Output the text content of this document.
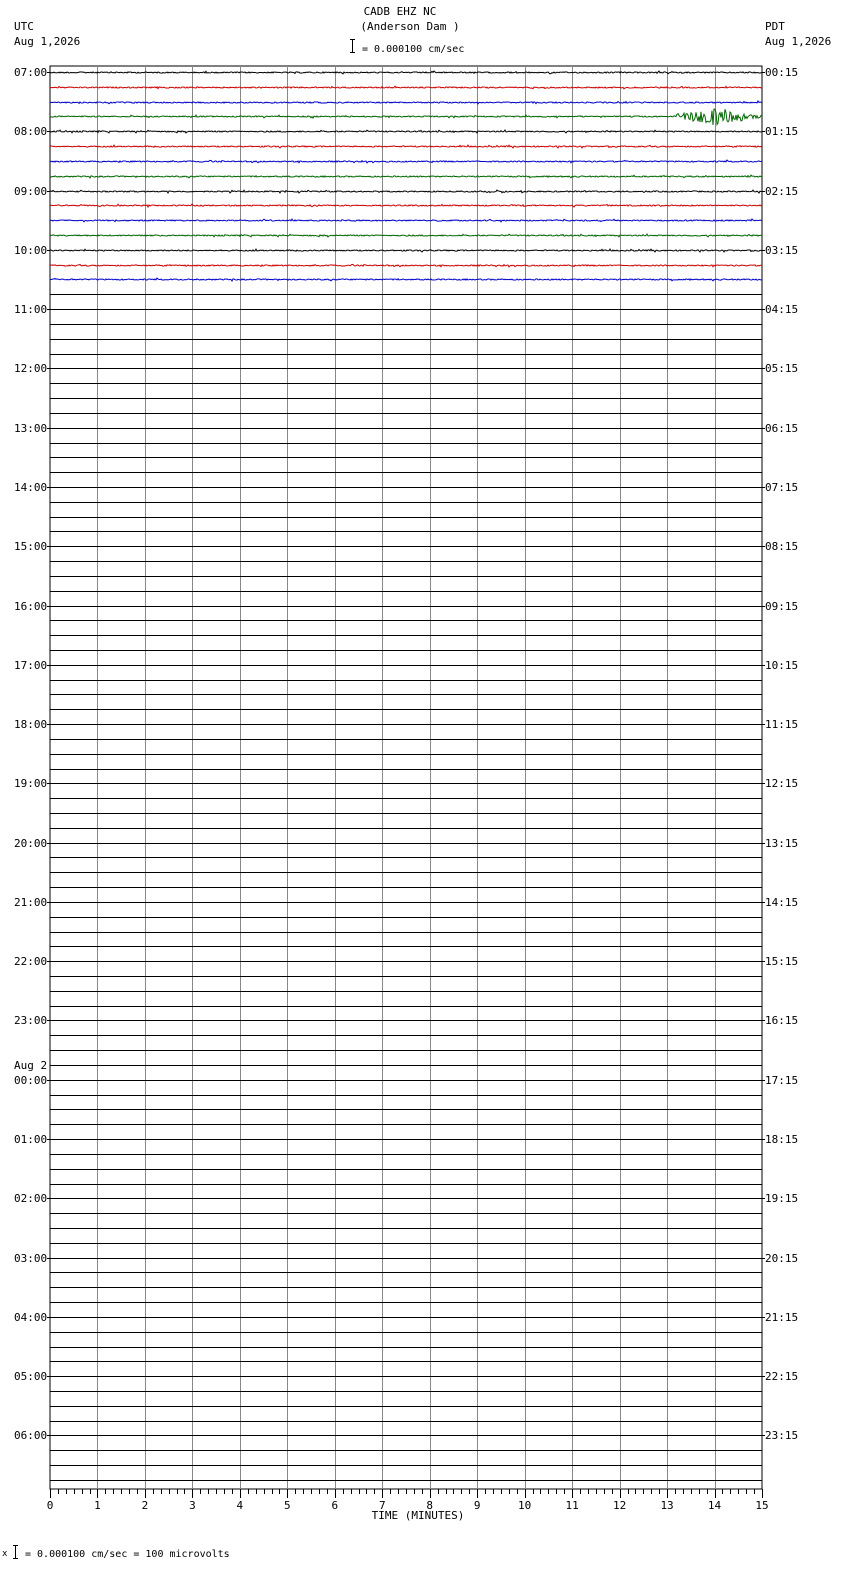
UTC
Aug 1,2026
PDT
Aug 1,2026
CADB EHZ NC
(Anderson Dam )
= 0.000100 cm/sec
07:00
08:00
09:00
10:00
11:00
12:00
13:00
14:00
15:00
16:00
17:00
18:00
19:00
20:00
21:00
22:00
23:00
Aug 2
00:00
01:00
02:00
03:00
04:00
05:00
06:00
00:15
01:15
02:15
03:15
04:15
05:15
06:15
07:15
08:15
09:15
10:15
11:15
12:15
13:15
14:15
15:15
16:15
17:15
18:15
19:15
20:15
21:15
22:15
23:15
0	1	2	3	4	5	6	7	8	9	10	11	12	13	14	15
TIME (MINUTES)
x = 0.000100 cm/sec = 100 microvolts
